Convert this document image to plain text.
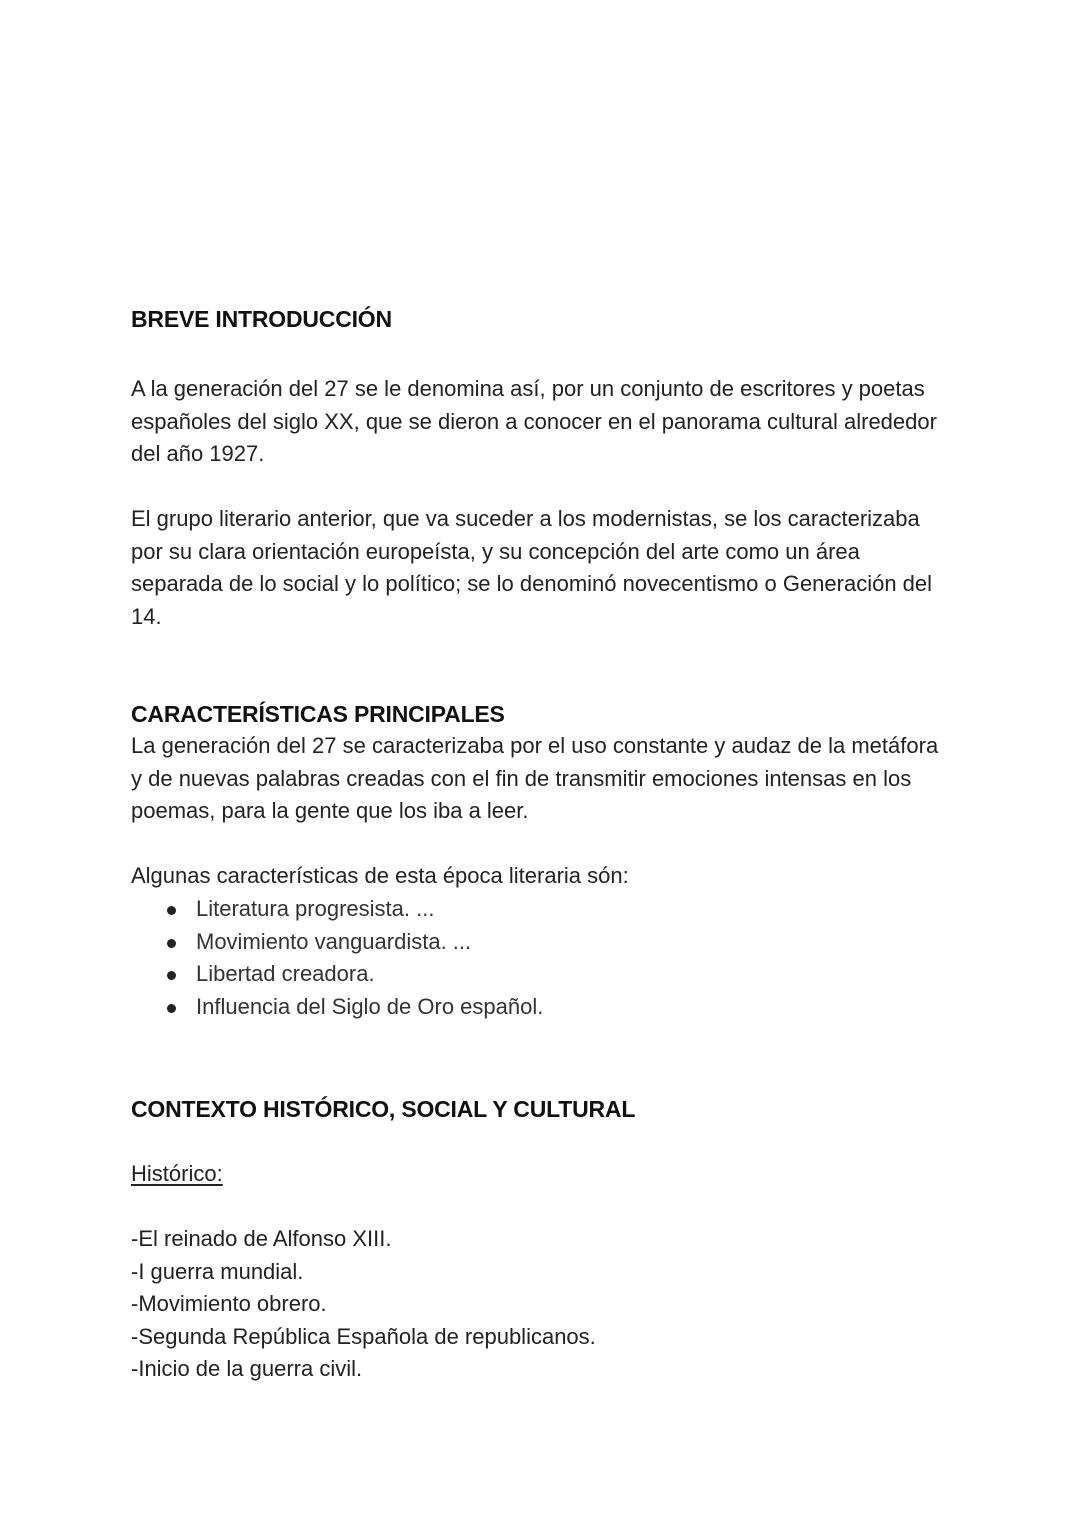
BREVE INTRODUCCIÓN

A la generación del 27 se le denomina así, por un conjunto de escritores y poetas españoles del siglo XX, que se dieron a conocer en el panorama cultural alrededor del año 1927.

El grupo literario anterior, que va suceder a los modernistas, se los caracterizaba por su clara orientación europeísta, y su concepción del arte como un área separada de lo social y lo político; se lo denominó novecentismo o Generación del 14.

CARACTERÍSTICAS PRINCIPALES

La generación del 27 se caracterizaba por el uso constante y audaz de la metáfora y de nuevas palabras creadas con el fin de transmitir emociones intensas en los poemas, para la gente que los iba a leer.

Algunas características de esta época literaria són:

Literatura progresista. ...
Movimiento vanguardista. ...
Libertad creadora.
Influencia del Siglo de Oro español.
CONTEXTO HISTÓRICO, SOCIAL Y CULTURAL

Histórico:

-El reinado de Alfonso XIII.

-I guerra mundial.

-Movimiento obrero.

-Segunda República Española de republicanos.

-Inicio de la guerra civil.
